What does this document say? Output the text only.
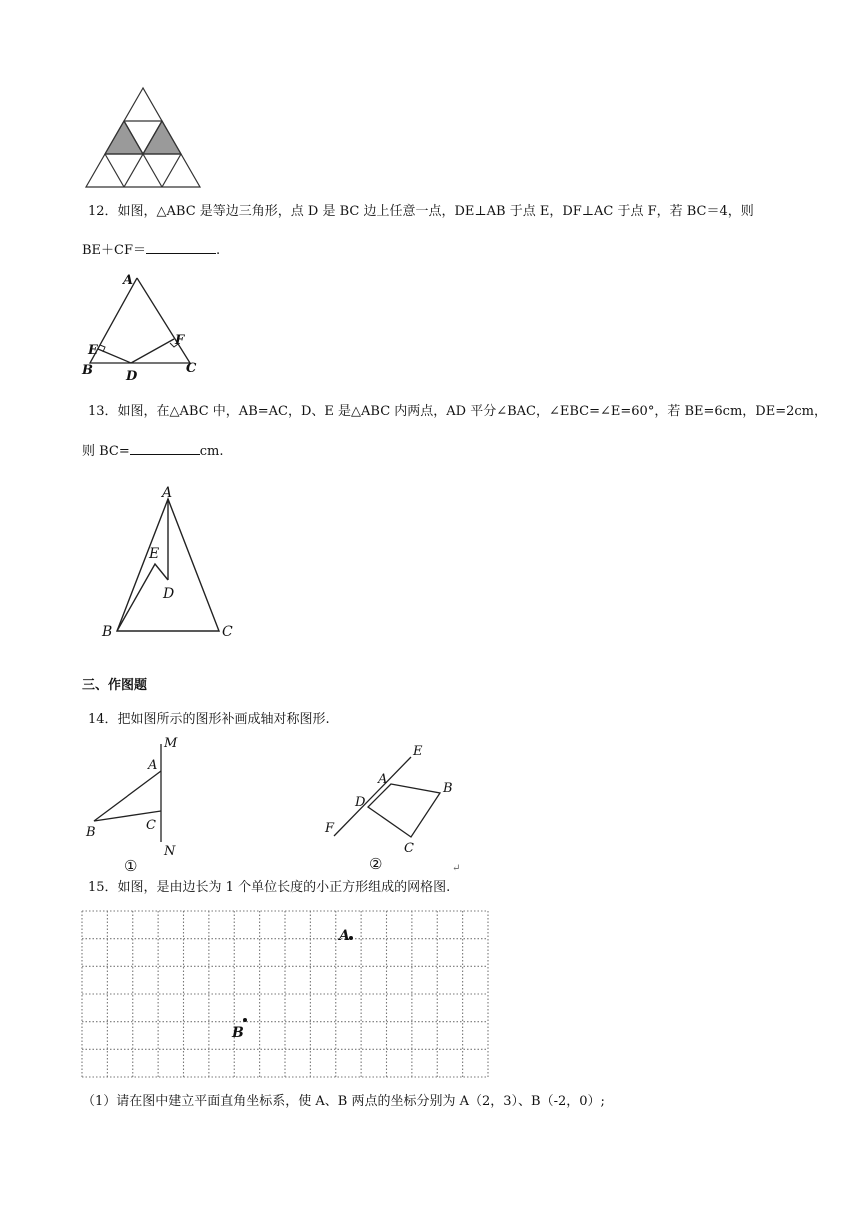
12．如图，△ABC 是等边三角形，点 D 是 BC 边上任意一点，DE⊥AB 于点 E，DF⊥AC 于点 F，若 BC＝4，则
BE＋CF＝	.
A
E
F
B	D
C
13．如图，在△ABC 中，AB=AC，D、E 是△ABC 内两点，AD 平分∠BAC，∠EBC=∠E=60°，若 BE=6cm，DE=2cm，
则 BC=	cm.
A
E
D
B	C
三、作图题
14．把如图所示的图形补画成轴对称图形.
M
A
C
B
N
①
E
A
B
D
F
C
②	↵
15．如图，是由边长为 1 个单位长度的小正方形组成的网格图.
A
B
（1）请在图中建立平面直角坐标系，使 A、B 两点的坐标分别为 A（2，3）、B（-2，0）;
